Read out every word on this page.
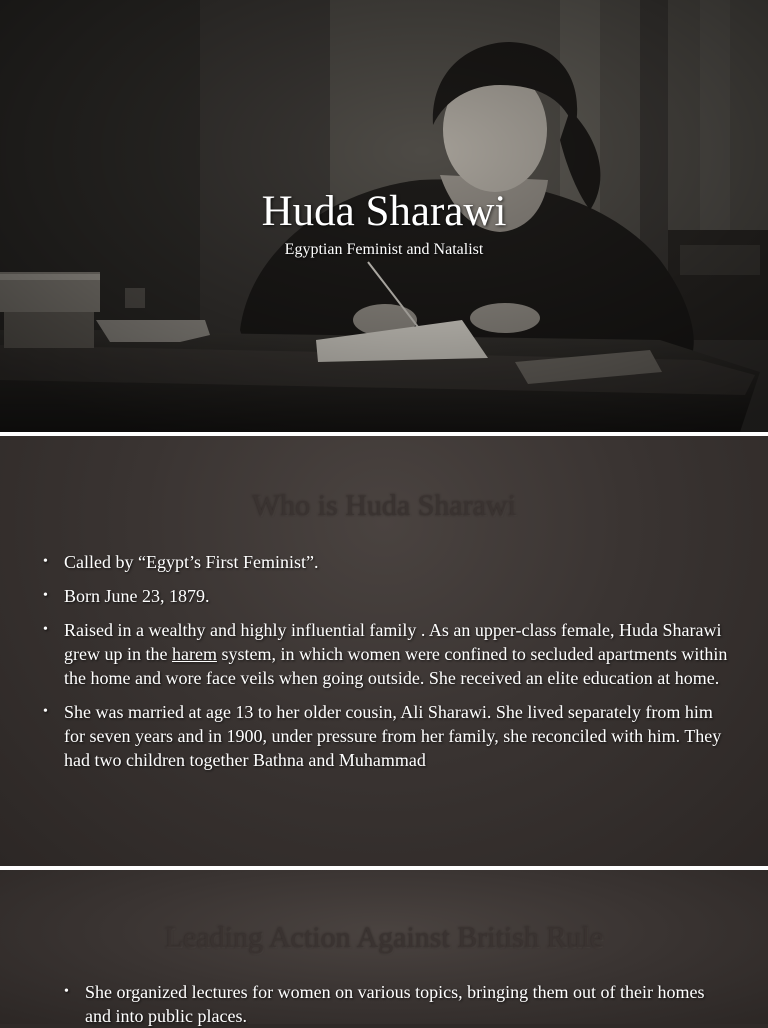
Huda Sharawi
Egyptian Feminist and Natalist
Who is Huda Sharawi
• Called by “Egypt’s First Feminist”.
• Born June 23, 1879.
• Raised in a wealthy and highly influential family . As an upper-class female, Huda Sharawi grew up in the harem system, in which women were confined to secluded apartments within the home and wore face veils when going outside. She received an elite education at home.
• She was married at age 13 to her older cousin, Ali Sharawi. She lived separately from him for seven years and in 1900, under pressure from her family, she reconciled with him. They had two children together Bathna and Muhammad
Leading Action Against British Rule
• She organized lectures for women on various topics, bringing them out of their homes and into public places.
